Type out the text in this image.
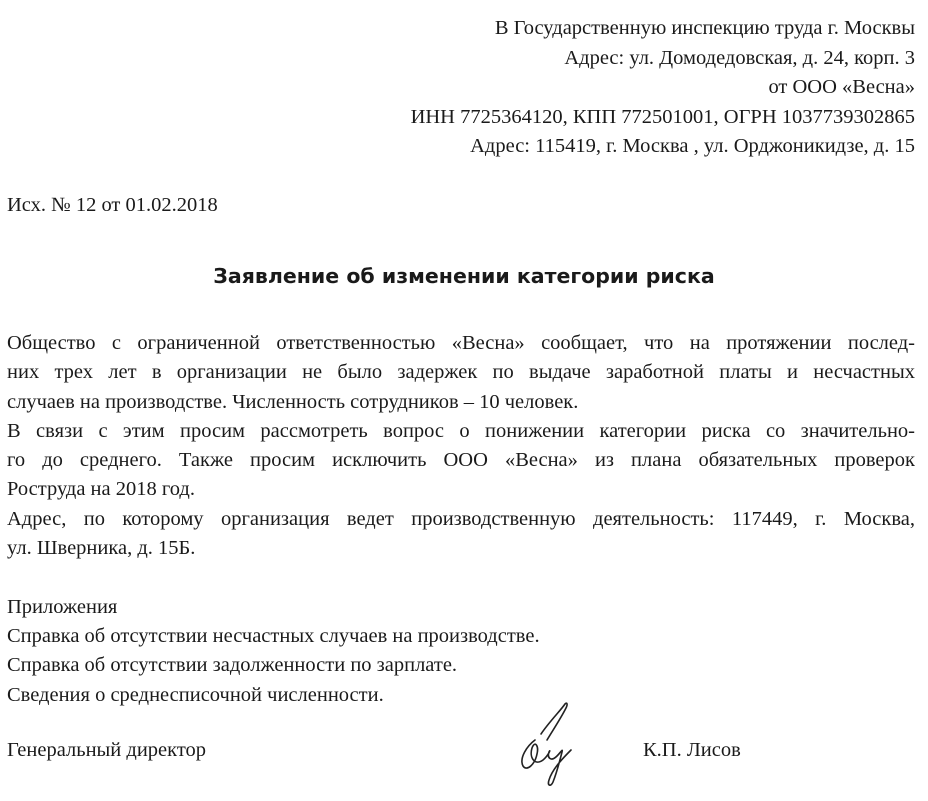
В Государственную инспекцию труда г. Москвы
Адрес: ул. Домодедовская, д. 24, корп. 3
от ООО «Весна»
ИНН 7725364120, КПП 772501001, ОГРН 1037739302865
Адрес: 115419, г. Москва , ул. Орджоникидзе, д. 15
Исх. № 12 от 01.02.2018
Заявление об изменении категории риска
Общество с ограниченной ответственностью «Весна» сообщает, что на протяжении послед-
них трех лет в организации не было задержек по выдаче заработной платы и несчастных
случаев на производстве. Численность сотрудников – 10 человек.
В связи с этим просим рассмотреть вопрос о понижении категории риска со значительно-
го до среднего. Также просим исключить ООО «Весна» из плана обязательных проверок
Роструда на 2018 год.
Адрес, по которому организация ведет производственную деятельность: 117449, г. Москва,
ул. Шверника, д. 15Б.
Приложения
Справка об отсутствии несчастных случаев на производстве.
Справка об отсутствии задолженности по зарплате.
Сведения о среднесписочной численности.
Генеральный директор	К.П. Лисов
